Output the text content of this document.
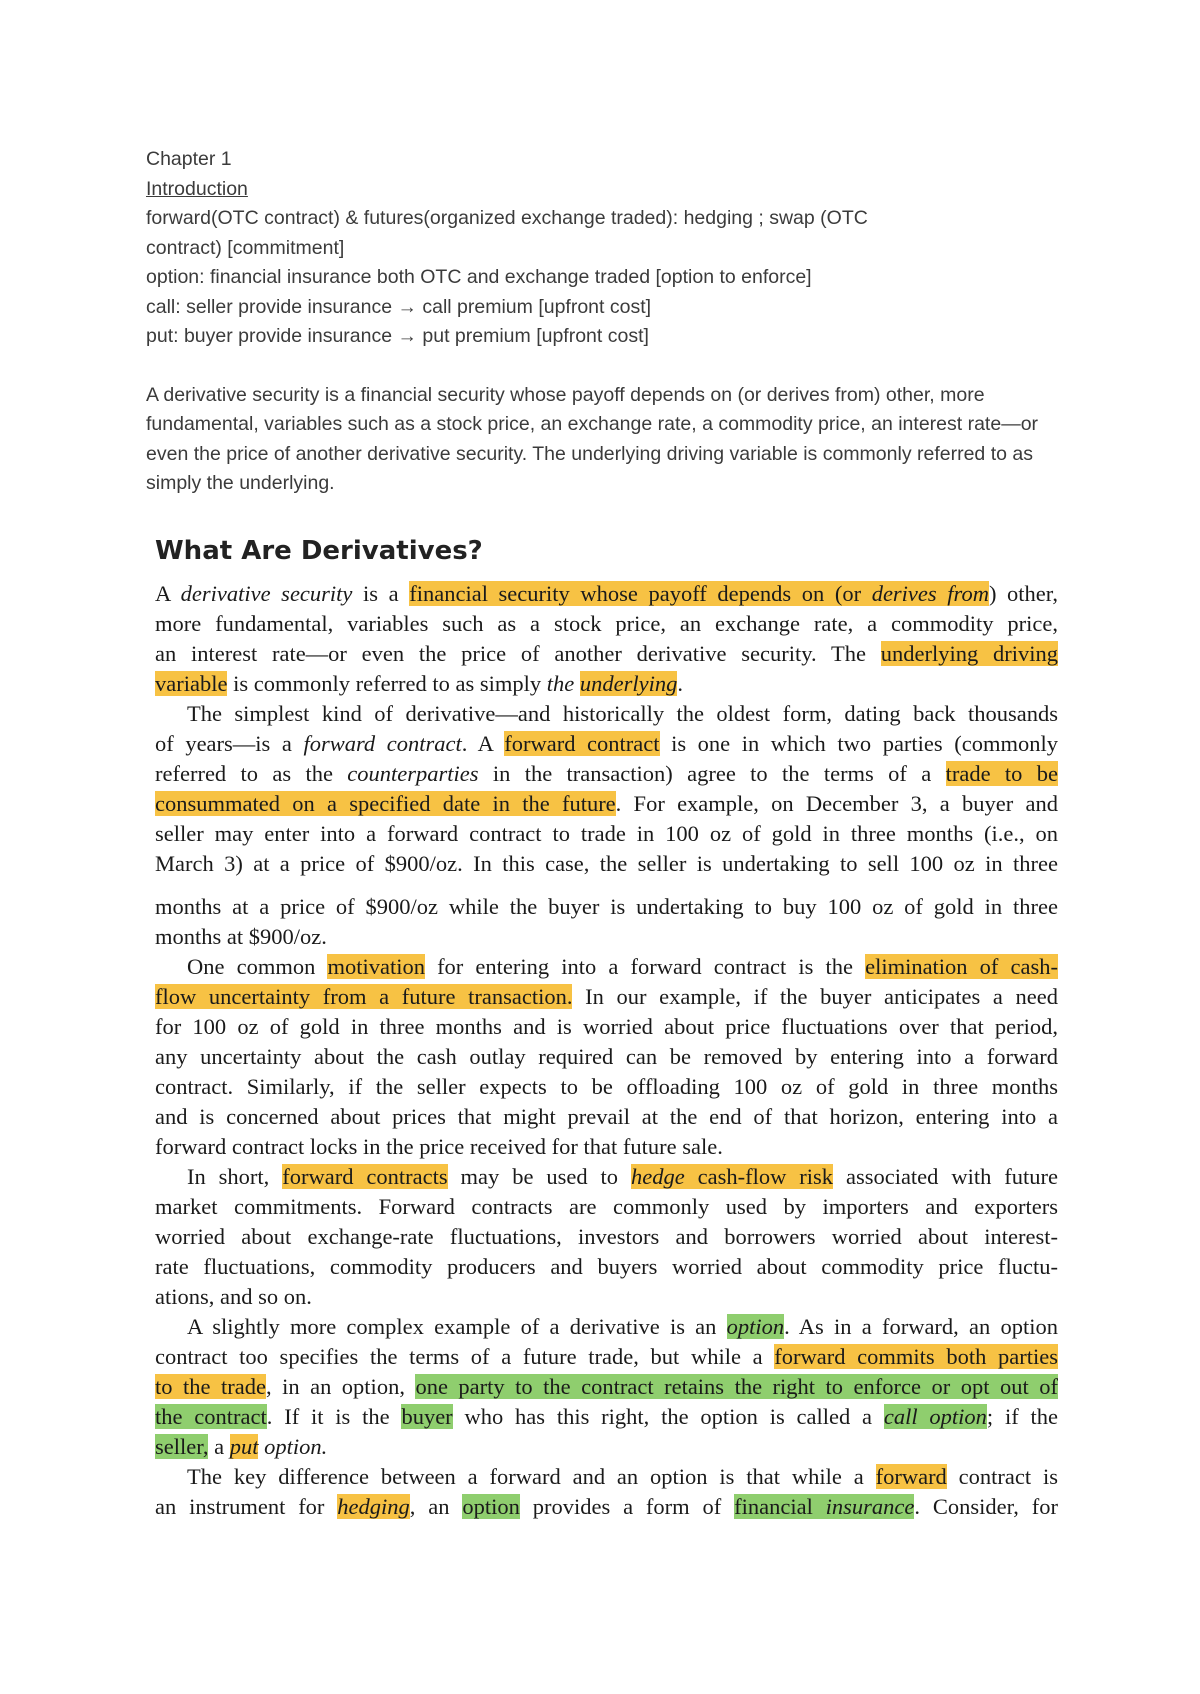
Chapter 1
Introduction
forward(OTC contract) & futures(organized exchange traded): hedging ; swap (OTC
contract) [commitment]
option: financial insurance both OTC and exchange traded [option to enforce]
call: seller provide insurance → call premium [upfront cost]
put: buyer provide insurance → put premium [upfront cost]
A derivative security is a financial security whose payoff depends on (or derives from) other, more fundamental, variables such as a stock price, an exchange rate, a commodity price, an interest rate—or even the price of another derivative security. The underlying driving variable is commonly referred to as simply the underlying.
What Are Derivatives?

A derivative security is a financial security whose payoff depends on (or derives from) other,

more fundamental, variables such as a stock price, an exchange rate, a commodity price,

an interest rate—or even the price of another derivative security. The underlying driving

variable is commonly referred to as simply the underlying.

The simplest kind of derivative—and historically the oldest form, dating back thousands

of years—is a forward contract. A forward contract is one in which two parties (commonly

referred to as the counterparties in the transaction) agree to the terms of a trade to be

consummated on a specified date in the future. For example, on December 3, a buyer and

seller may enter into a forward contract to trade in 100 oz of gold in three months (i.e., on

March 3) at a price of $900/oz. In this case, the seller is undertaking to sell 100 oz in three

months at a price of $900/oz while the buyer is undertaking to buy 100 oz of gold in three

months at $900/oz.

One common motivation for entering into a forward contract is the elimination of cash-

flow uncertainty from a future transaction. In our example, if the buyer anticipates a need

for 100 oz of gold in three months and is worried about price fluctuations over that period,

any uncertainty about the cash outlay required can be removed by entering into a forward

contract. Similarly, if the seller expects to be offloading 100 oz of gold in three months

and is concerned about prices that might prevail at the end of that horizon, entering into a

forward contract locks in the price received for that future sale.

In short, forward contracts may be used to hedge cash-flow risk associated with future

market commitments. Forward contracts are commonly used by importers and exporters

worried about exchange-rate fluctuations, investors and borrowers worried about interest-

rate fluctuations, commodity producers and buyers worried about commodity price fluctu-

ations, and so on.

A slightly more complex example of a derivative is an option. As in a forward, an option

contract too specifies the terms of a future trade, but while a forward commits both parties

to the trade, in an option, one party to the contract retains the right to enforce or opt out of

the contract. If it is the buyer who has this right, the option is called a call option; if the

seller, a put option.

The key difference between a forward and an option is that while a forward contract is

an instrument for hedging, an option provides a form of financial insurance. Consider, for
